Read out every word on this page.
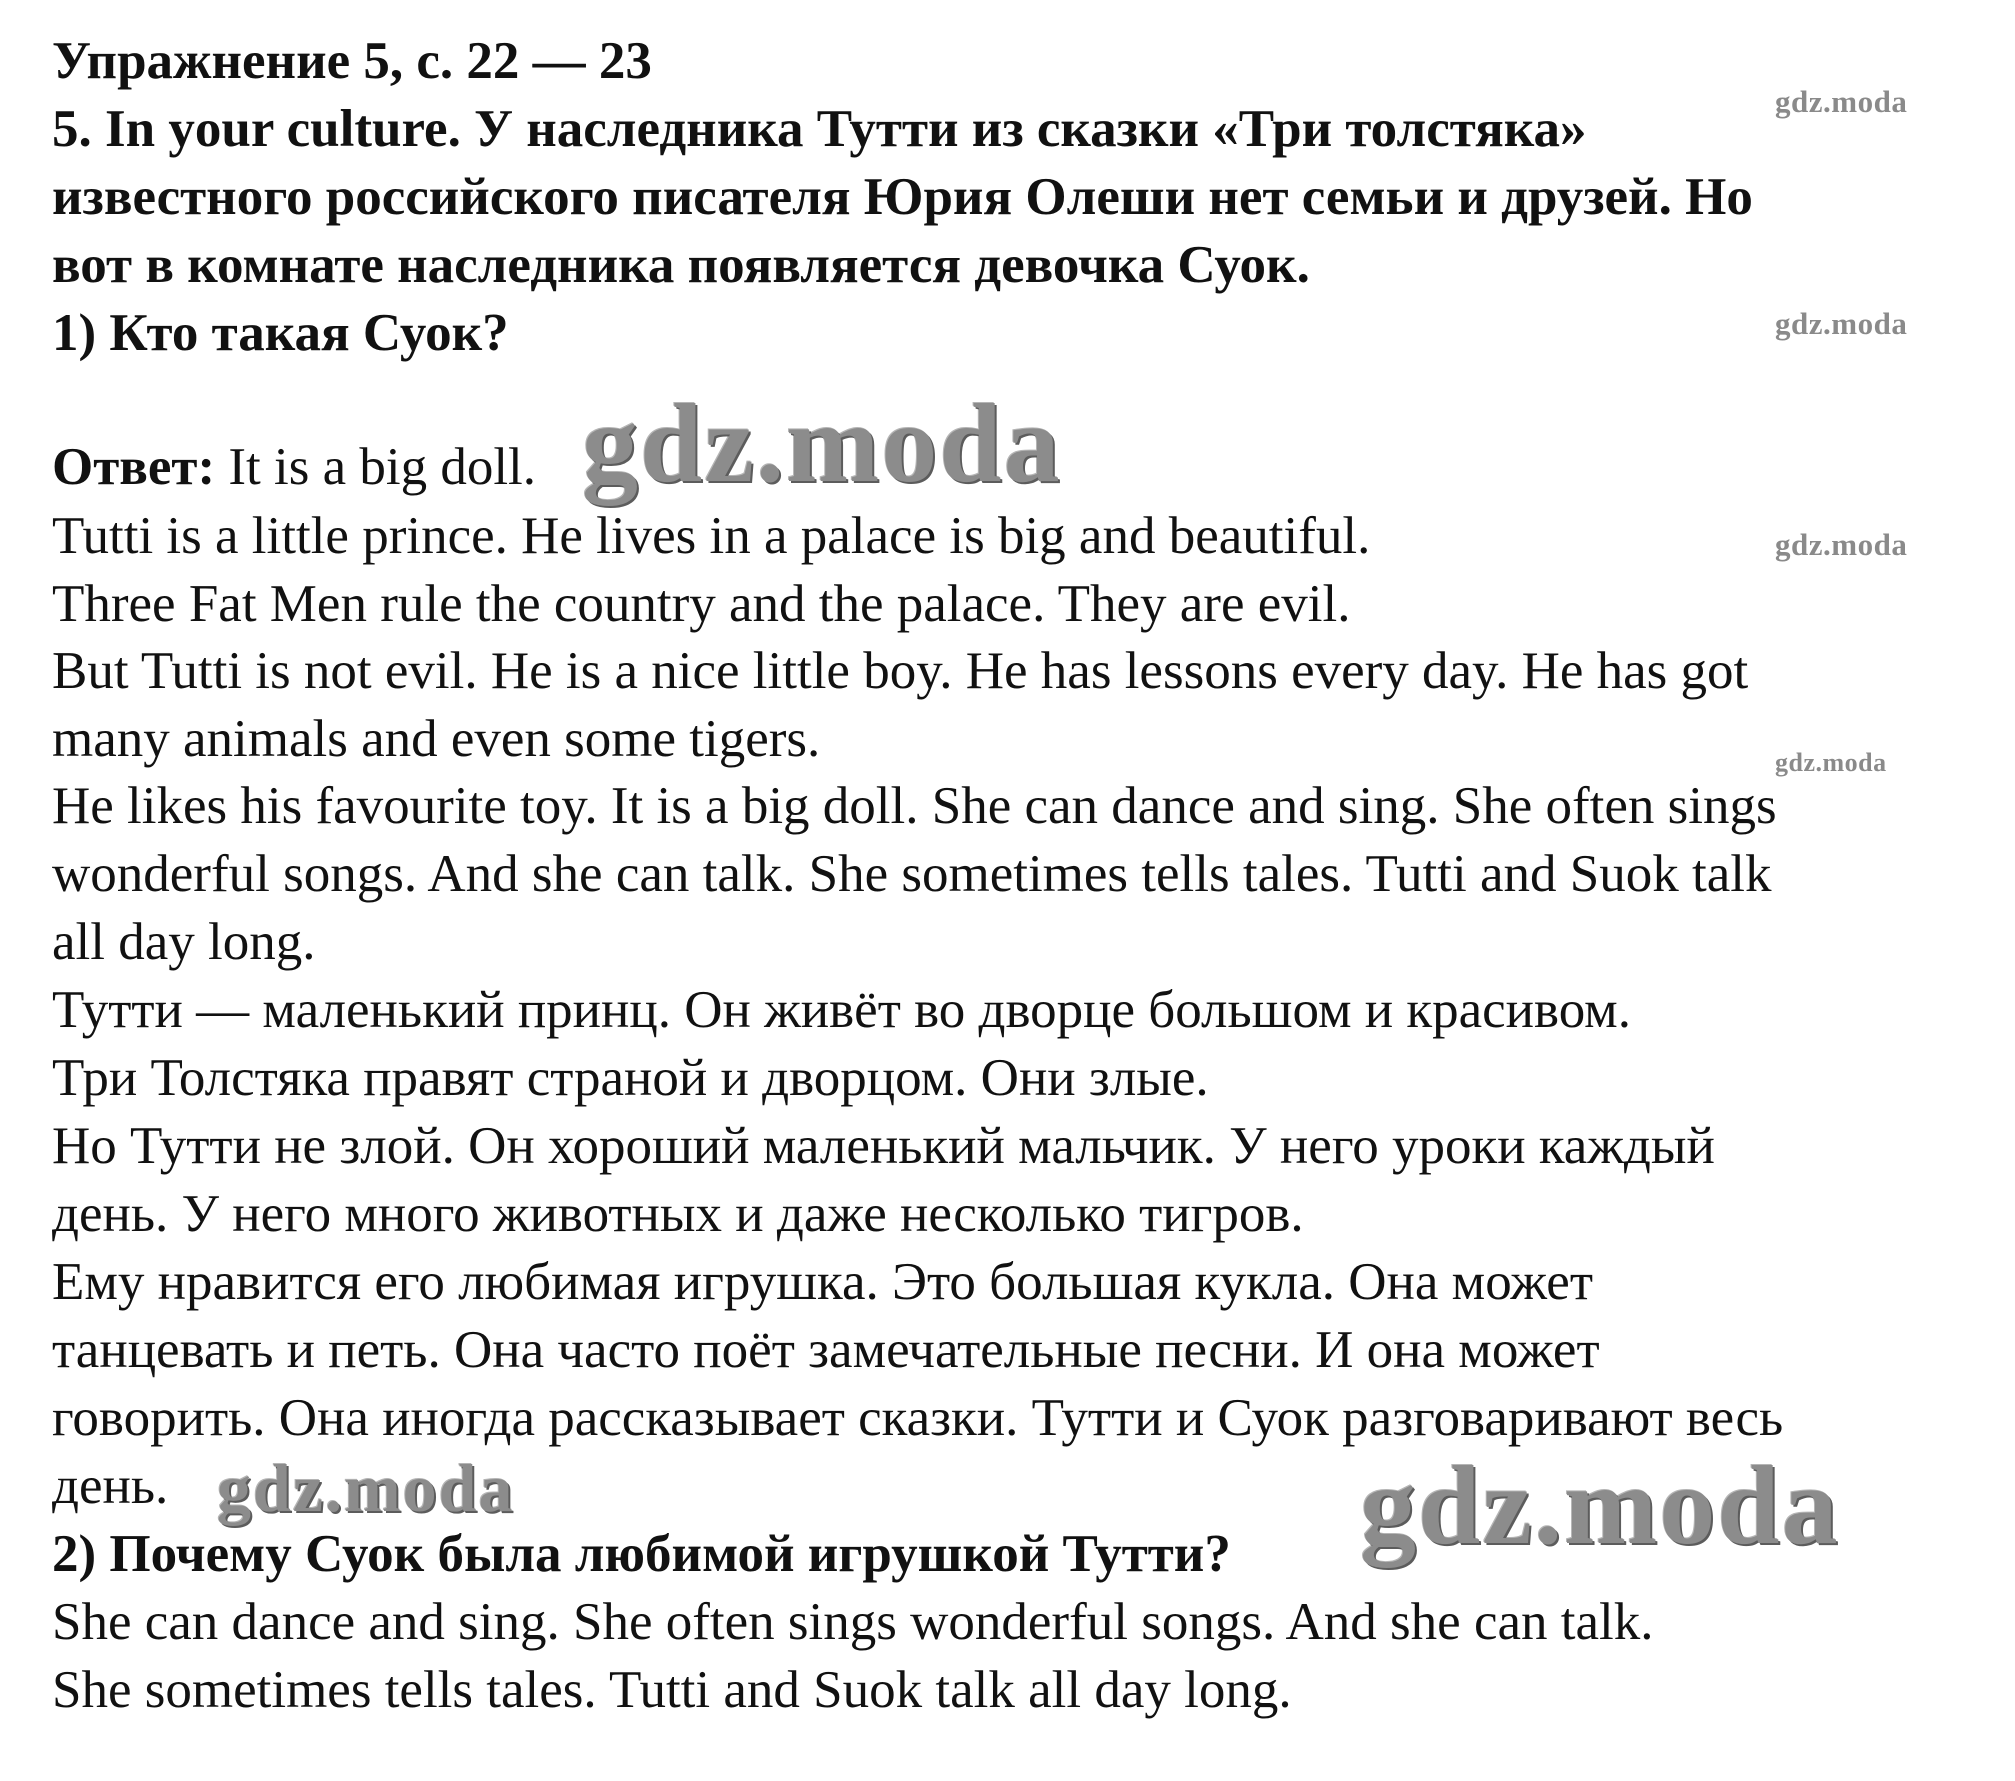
Упражнение 5, с. 22 — 23
5. In your culture. У наследника Тутти из сказки «Три толстяка»
известного российского писателя Юрия Олеши нет семьи и друзей. Но
вот в комнате наследника появляется девочка Суок.
1) Кто такая Суок?
Ответ: It is a big doll.
Tutti is a little prince. He lives in a palace is big and beautiful.
Three Fat Men rule the country and the palace. They are evil.
But Tutti is not evil. He is a nice little boy. He has lessons every day. He has got
many animals and even some tigers.
He likes his favourite toy. It is a big doll. She can dance and sing. She often sings
wonderful songs. And she can talk. She sometimes tells tales. Tutti and Suok talk
all day long.
Тутти — маленький принц. Он живёт во дворце большом и красивом.
Три Толстяка правят страной и дворцом. Они злые.
Но Тутти не злой. Он хороший маленький мальчик. У него уроки каждый
день. У него много животных и даже несколько тигров.
Ему нравится его любимая игрушка. Это большая кукла. Она может
танцевать и петь. Она часто поёт замечательные песни. И она может
говорить. Она иногда рассказывает сказки. Тутти и Суок разговаривают весь
день.
2) Почему Суок была любимой игрушкой Тутти?
She can dance and sing. She often sings wonderful songs. And she can talk.
She sometimes tells tales. Tutti and Suok talk all day long.
gdz.moda
gdz.moda
gdz.moda
gdz.moda
gdz.moda
gdz.moda	gdz.moda
